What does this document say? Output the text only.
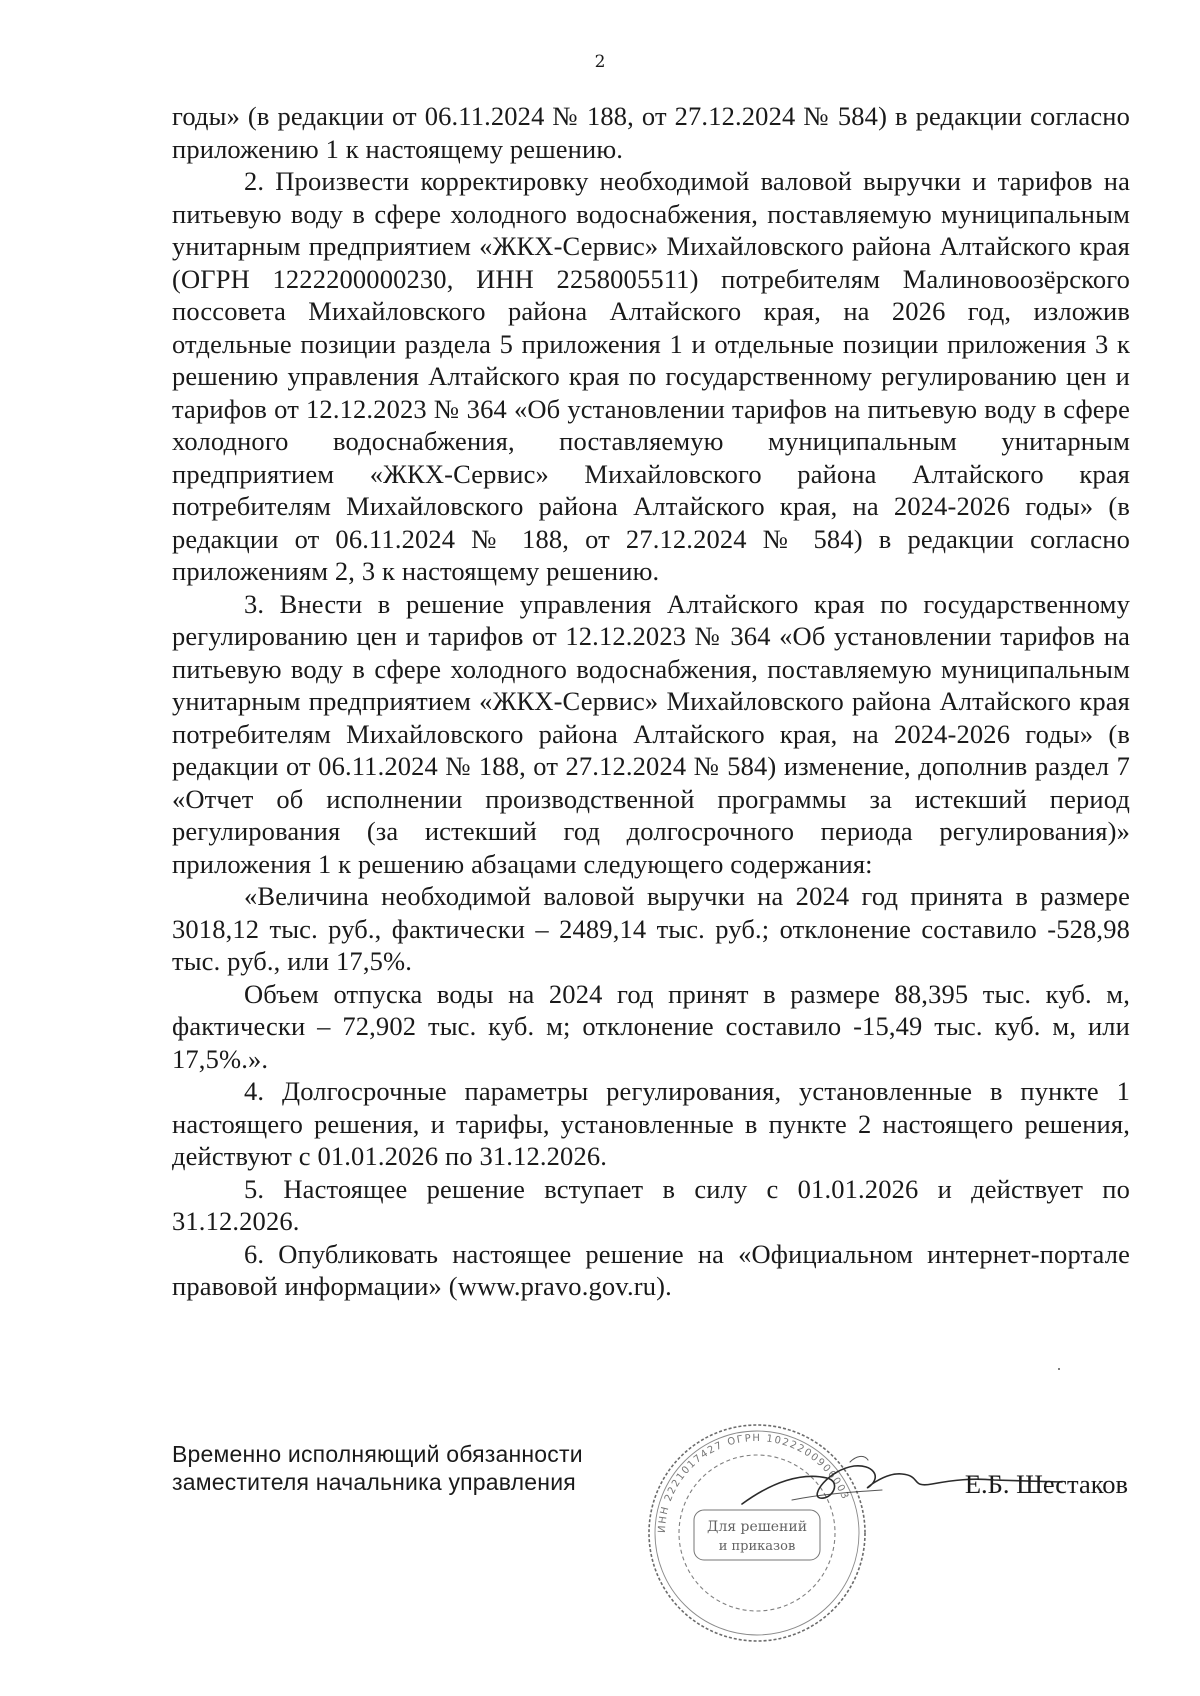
2

годы» (в редакции от 06.11.2024 № 188, от 27.12.2024 № 584) в редакции согласно приложению 1 к настоящему решению.

2. Произвести корректировку необходимой валовой выручки и тарифов на питьевую воду в сфере холодного водоснабжения, поставляемую муниципальным унитарным предприятием «ЖКХ-Сервис» Михайловского района Алтайского края (ОГРН 1222200000230, ИНН 2258005511) потребителям Малиновоозёрского поссовета Михайловского района Алтайского края, на 2026 год, изложив отдельные позиции раздела 5 приложения 1 и отдельные позиции приложения 3 к решению управления Алтайского края по государственному регулированию цен и тарифов от 12.12.2023 № 364 «Об установлении тарифов на питьевую воду в сфере холодного водоснабжения, поставляемую муниципальным унитарным предприятием «ЖКХ-Сервис» Михайловского района Алтайского края потребителям Михайловского района Алтайского края, на 2024-2026 годы» (в редакции от 06.11.2024 № 188, от 27.12.2024 № 584) в редакции согласно приложениям 2, 3 к настоящему решению.

3. Внести в решение управления Алтайского края по государственному регулированию цен и тарифов от 12.12.2023 № 364 «Об установлении тарифов на питьевую воду в сфере холодного водоснабжения, поставляемую муниципальным унитарным предприятием «ЖКХ-Сервис» Михайловского района Алтайского края потребителям Михайловского района Алтайского края, на 2024-2026 годы» (в редакции от 06.11.2024 № 188, от 27.12.2024 № 584) изменение, дополнив раздел 7 «Отчет об исполнении производственной программы за истекший период регулирования (за истекший год долгосрочного периода регулирования)» приложения 1 к решению абзацами следующего содержания:

«Величина необходимой валовой выручки на 2024 год принята в размере 3018,12 тыс. руб., фактически – 2489,14 тыс. руб.; отклонение составило -528,98 тыс. руб., или 17,5%.

Объем отпуска воды на 2024 год принят в размере 88,395 тыс. куб. м, фактически – 72,902 тыс. куб. м; отклонение составило -15,49 тыс. куб. м, или 17,5%.».

4. Долгосрочные параметры регулирования, установленные в пункте 1 настоящего решения, и тарифы, установленные в пункте 2 настоящего решения, действуют с 01.01.2026 по 31.12.2026.

5. Настоящее решение вступает в силу с 01.01.2026 и действует по 31.12.2026.

6. Опубликовать настоящее решение на «Официальном интернет-портале правовой информации» (www.pravo.gov.ru).

Временно исполняющий обязанности
заместителя начальника управления
ИНН 2221017427 ОГРН 1022200906003
Для решений
и приказов
Е.Б. Шестаков
